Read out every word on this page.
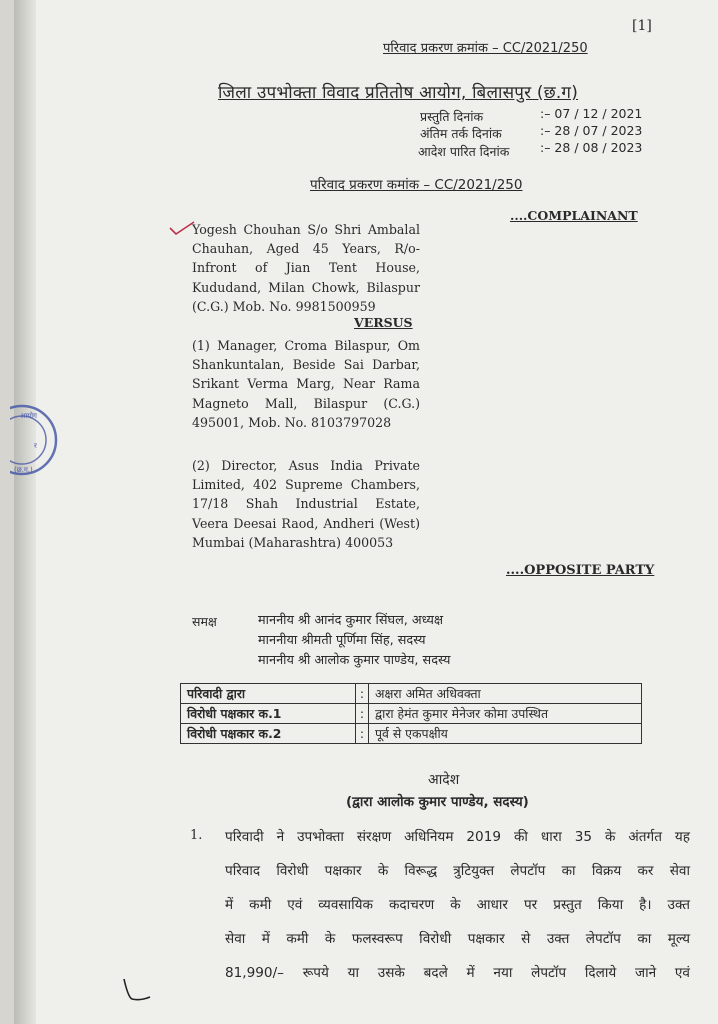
आयोग
(छ.ग.)
र
[1]
परिवाद प्रकरण क्रमांक – CC/2021/250
जिला उपभोक्ता विवाद प्रतितोष आयोग, बिलासपुर (छ.ग)
प्रस्तुति दिनांक	:– 07 / 12 / 2021
अंतिम तर्क दिनांक	:– 28 / 07 / 2023
आदेश पारित दिनांक :– 28 / 08 / 2023
परिवाद प्रकरण कमांक – CC/2021/250
Yogesh Chouhan S/o Shri Ambalal Chauhan, Aged 45 Years, R/o- Infront of Jian Tent House, Kududand, Milan Chowk, Bilaspur (C.G.) Mob. No. 9981500959
....COMPLAINANT
VERSUS
(1) Manager, Croma Bilaspur, Om Shankuntalan, Beside Sai Darbar, Srikant Verma Marg, Near Rama Magneto Mall, Bilaspur (C.G.) 495001, Mob. No. 8103797028
(2) Director, Asus India Private Limited, 402 Supreme Chambers, 17/18 Shah Industrial Estate, Veera Deesai Raod, Andheri (West) Mumbai (Maharashtra) 400053
....OPPOSITE PARTY
समक्ष	माननीय श्री आनंद कुमार सिंघल, अध्यक्ष
माननीया श्रीमती पूर्णिमा सिंह, सदस्य
माननीय श्री आलोक कुमार पाण्डेय, सदस्य
परिवादी द्वारा	:	अक्षरा अमित अधिवक्ता
विरोधी पक्षकार क.1	:	द्वारा हेमंत कुमार मेनेजर कोमा उपस्थित
विरोधी पक्षकार क.2	:	पूर्व से एकपक्षीय
आदेश
(द्वारा आलोक कुमार पाण्डेय, सदस्य)
1. परिवादी ने उपभोक्ता संरक्षण अधिनियम 2019 की धारा 35 के अंतर्गत यह
परिवाद विरोधी पक्षकार के विरूद्ध त्रुटियुक्त लेपटॉप का विक्रय कर सेवा
में कमी एवं व्यवसायिक कदाचरण के आधार पर प्रस्तुत किया है। उक्त
सेवा में कमी के फलस्वरूप विरोधी पक्षकार से उक्त लेपटॉप का मूल्य
81,990/– रूपये या उसके बदले में नया लेपटॉप दिलाये जाने एवं
